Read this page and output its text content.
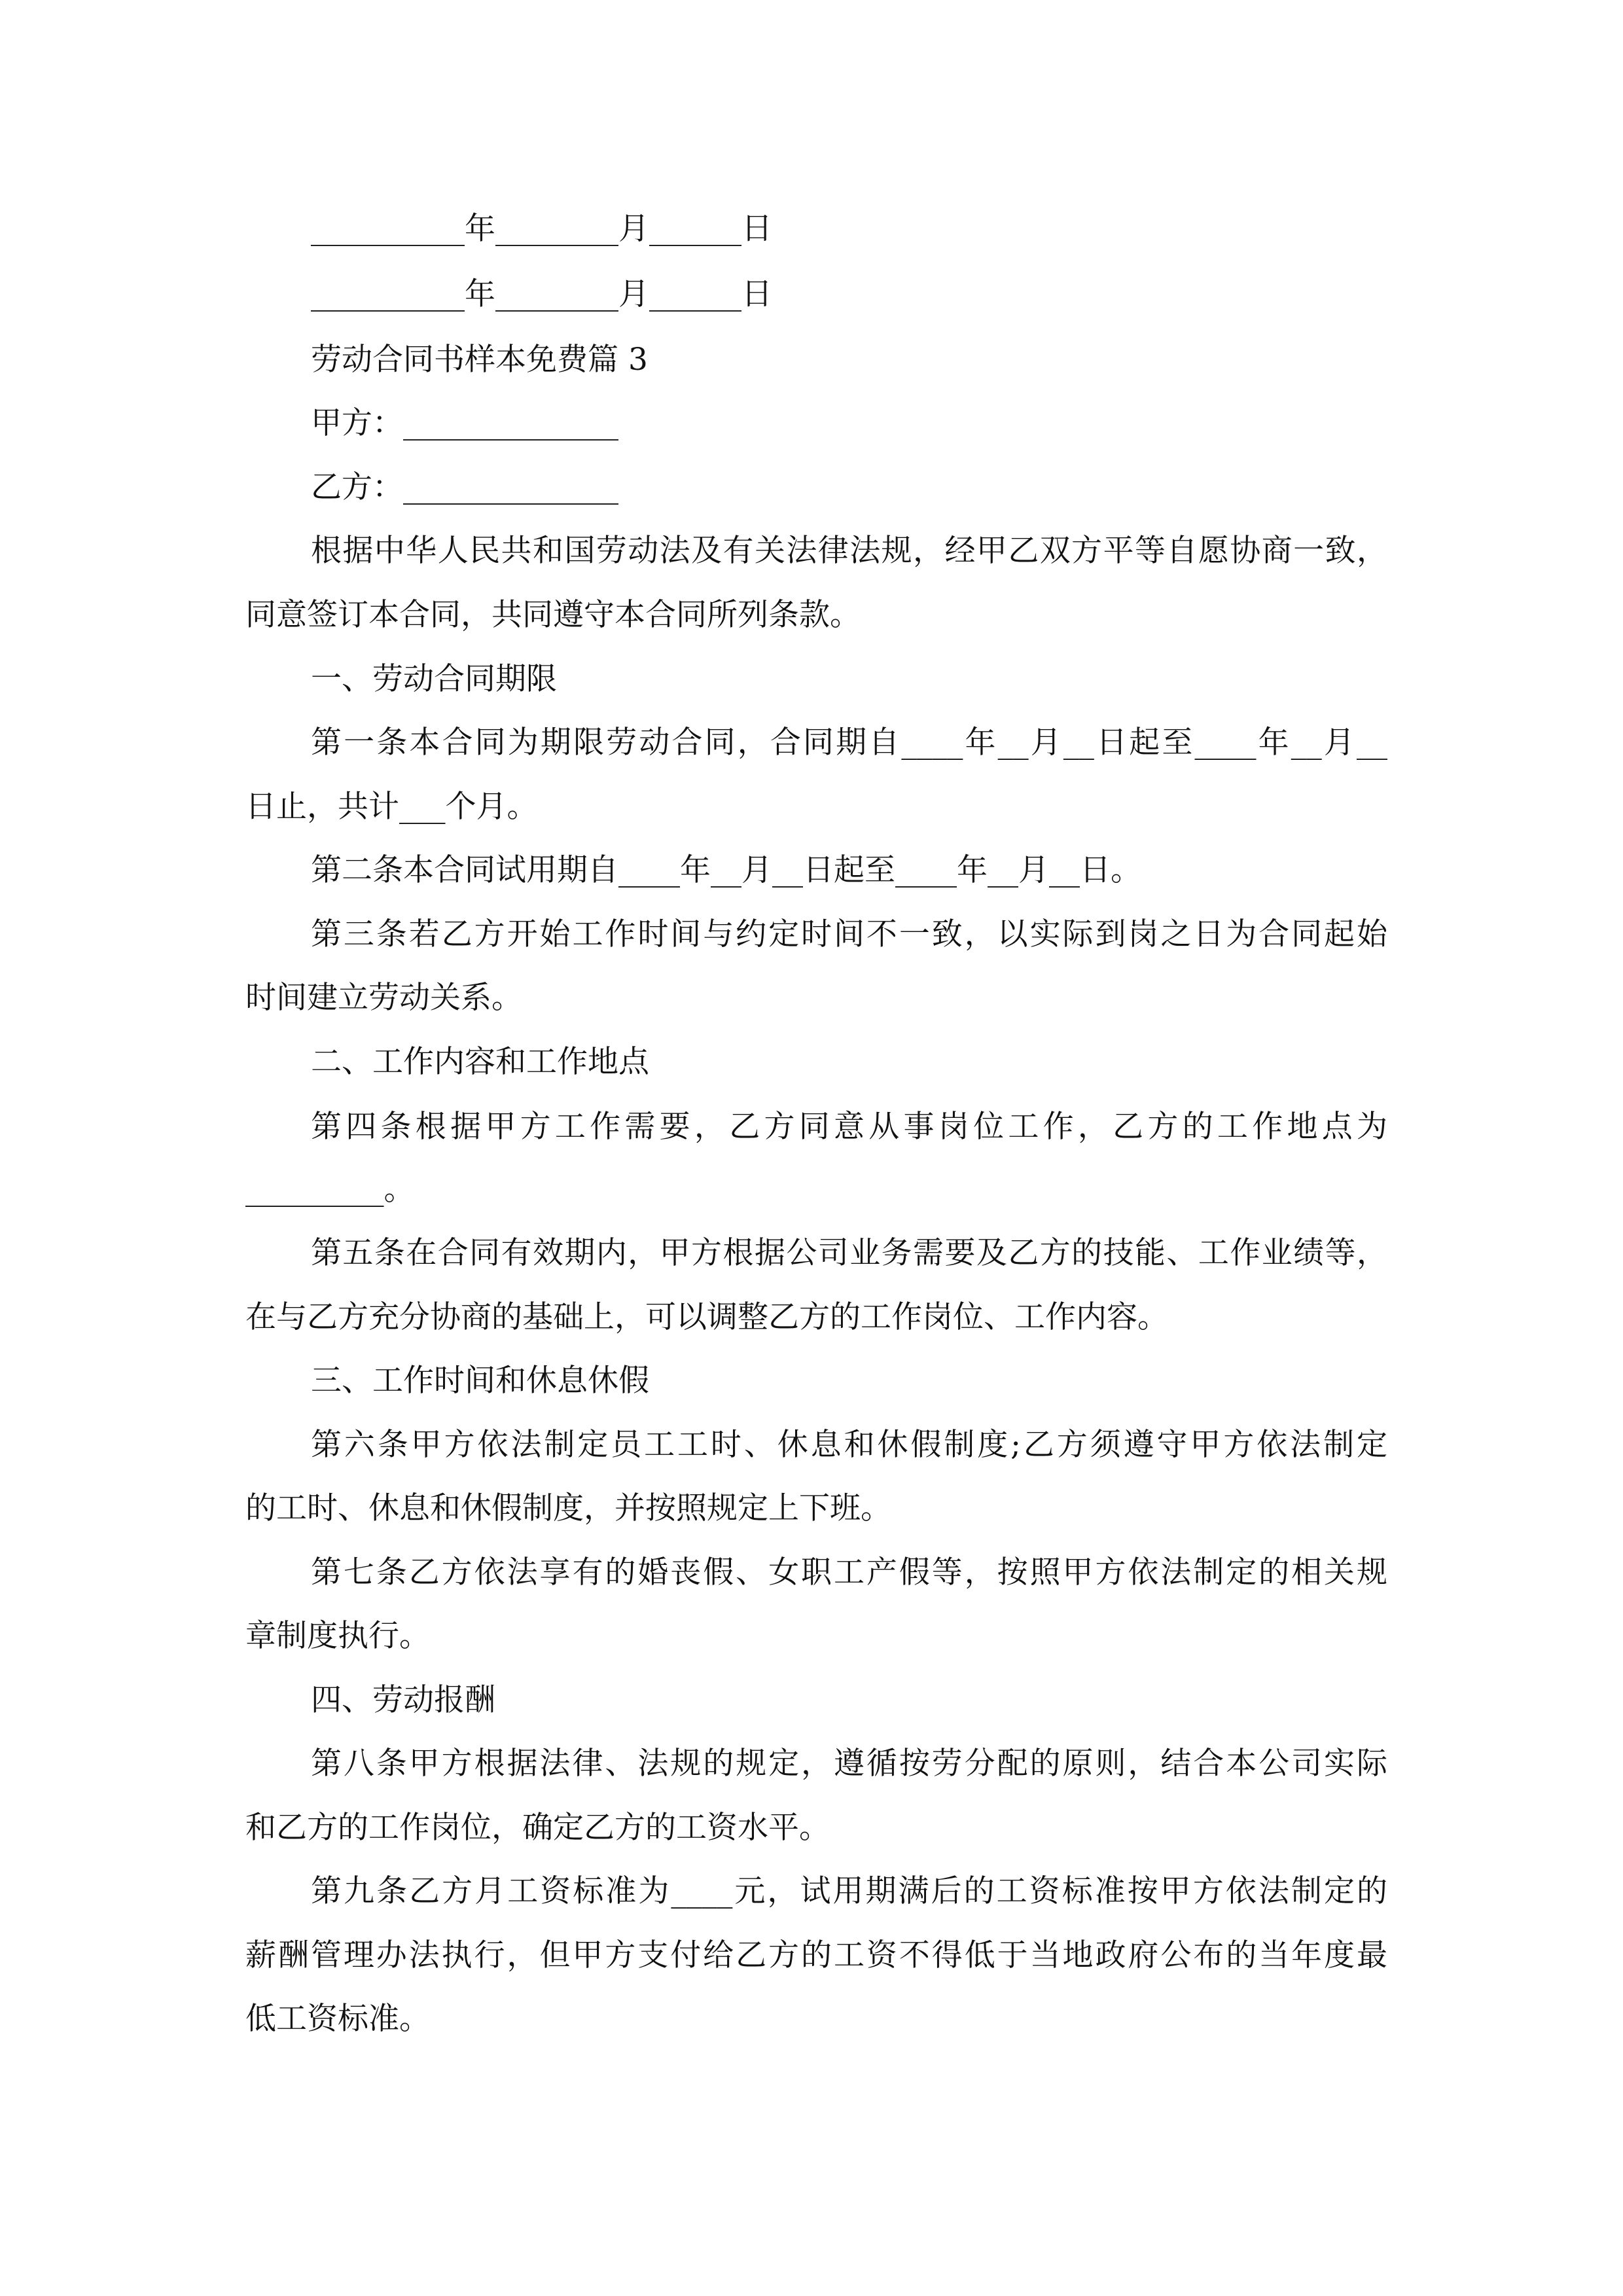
__________年________月______日
__________年________月______日
劳动合同书样本免费篇 3
甲方：______________
乙方：______________
根据中华人民共和国劳动法及有关法律法规，经甲乙双方平等自愿协商一致，
同意签订本合同，共同遵守本合同所列条款。
一、劳动合同期限
第一条本合同为期限劳动合同，合同期自____年__月__日起至____年__月__
日止，共计___个月。
第二条本合同试用期自____年__月__日起至____年__月__日。
第三条若乙方开始工作时间与约定时间不一致，以实际到岗之日为合同起始
时间建立劳动关系。
二、工作内容和工作地点
第四条根据甲方工作需要，乙方同意从事岗位工作，乙方的工作地点为
_________。
第五条在合同有效期内，甲方根据公司业务需要及乙方的技能、工作业绩等，
在与乙方充分协商的基础上，可以调整乙方的工作岗位、工作内容。
三、工作时间和休息休假
第六条甲方依法制定员工工时、休息和休假制度;乙方须遵守甲方依法制定
的工时、休息和休假制度，并按照规定上下班。
第七条乙方依法享有的婚丧假、女职工产假等，按照甲方依法制定的相关规
章制度执行。
四、劳动报酬
第八条甲方根据法律、法规的规定，遵循按劳分配的原则，结合本公司实际
和乙方的工作岗位，确定乙方的工资水平。
第九条乙方月工资标准为____元，试用期满后的工资标准按甲方依法制定的
薪酬管理办法执行，但甲方支付给乙方的工资不得低于当地政府公布的当年度最
低工资标准。
